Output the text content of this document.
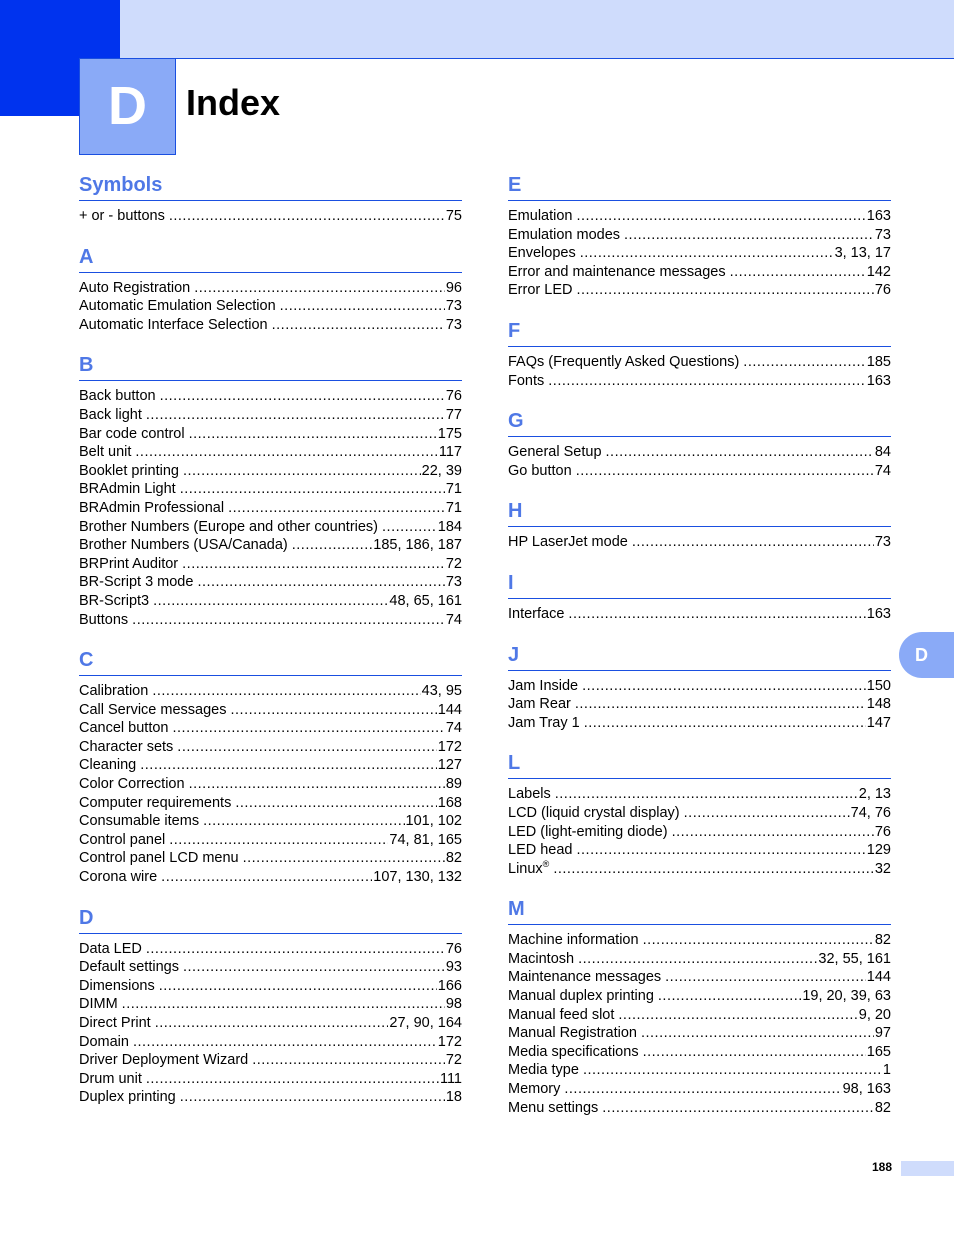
D	Index
Symbols
+ or - buttons .....	75
A
Auto Registration .....	96
Automatic Emulation Selection .....	73
Automatic Interface Selection .....	73
B
Back button .....	76
Back light .....	77
Bar code control .....	175
Belt unit .....	117
Booklet printing .....	22, 39
BRAdmin Light .....	71
BRAdmin Professional .....	71
Brother Numbers (Europe and other countries) .....	184
Brother Numbers (USA/Canada) .....	185, 186, 187
BRPrint Auditor .....	72
BR-Script 3 mode .....	73
BR-Script3 .....	48, 65, 161
Buttons .....	74
C
Calibration .....	43, 95
Call Service messages .....	144
Cancel button .....	74
Character sets .....	172
Cleaning .....	127
Color Correction .....	89
Computer requirements .....	168
Consumable items .....	101, 102
Control panel .....	74, 81, 165
Control panel LCD menu .....	82
Corona wire .....	107, 130, 132
D
Data LED .....	76
Default settings .....	93
Dimensions .....	166
DIMM .....	98
Direct Print .....	27, 90, 164
Domain .....	172
Driver Deployment Wizard .....	72
Drum unit .....	111
Duplex printing .....	18
E
Emulation .....	163
Emulation modes .....	73
Envelopes .....	3, 13, 17
Error and maintenance messages .....	142
Error LED .....	76
F
FAQs (Frequently Asked Questions) .....	185
Fonts .....	163
G
General Setup .....	84
Go button .....	74
H
HP LaserJet mode .....	73
I
Interface .....	163
J
Jam Inside .....	150
Jam Rear .....	148
Jam Tray 1 .....	147
L
Labels .....	2, 13
LCD (liquid crystal display) .....	74, 76
LED (light-emiting diode) .....	76
LED head .....	129
Linux® .....	32
M
Machine information .....	82
Macintosh .....	32, 55, 161
Maintenance messages .....	144
Manual duplex printing .....	19, 20, 39, 63
Manual feed slot .....	9, 20
Manual Registration .....	97
Media specifications .....	165
Media type .....	1
Memory .....	98, 163
Menu settings .....	82
D
188
